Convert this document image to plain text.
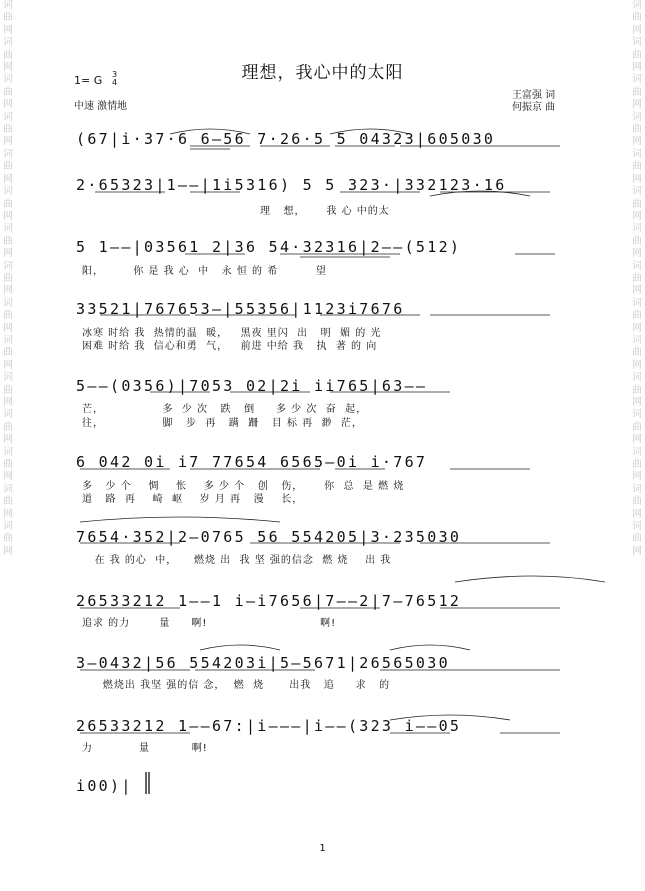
词曲网词曲网词曲网词曲网词曲网词曲网词曲网词曲网词曲网词曲网词曲网词曲网词曲网词曲网词曲网
词曲网词曲网词曲网词曲网词曲网词曲网词曲网词曲网词曲网词曲网词曲网词曲网词曲网词曲网词曲网
理想，我心中的太阳
1= G 3
4
中速 激情地
王富强 词
何振京 曲
(67|i·37·6 6—56 7·26·5 5 04323|605030
2·65323|1——|1i5316) 5 5 323·|332123·16
理   想，     我 心 中的太
5 1——|03561 2|36 54·32316|2——(512)
阳，       你 是 我 心  中   永 恒 的 希         望
33521|767653—|55356|1123i7676
冰寒 时给 我  热情的温  暖，   黑夜 里闪  出   明  媚 的 光
困难 时给 我  信心和勇  气，   前进 中给 我   执  著 的 向
5——(0356)|7053 02|2i ii765|63——
芒，              多  少 次   跌   倒     多 少 次  奋  起，
往，              脚   步  再   蹒  跚   目 标 再  渺  茫，
6 042 0i i7 77654 6565—0i i·767
多   少 个    惆    怅    多 少 个   创   伤，     你  总  是 燃 烧
道   路  再    崎  岖    岁 月 再   漫    长，
7654·352|2—0765 56 554205|3·235030
在 我 的心  中，    燃烧 出  我 坚 强的信念  燃 烧    出 我
26533212 1——1 i—i7656|7——2|7—76512
追求 的力       量     啊!                           啊!
3—0432|56 554203i|5—5671|26565030
燃烧出 我坚 强的信 念，  燃  烧      出我   追     求   的
26533212 1——67:|i———|i——(323 i——05
力           量          啊!
i00)|
1
